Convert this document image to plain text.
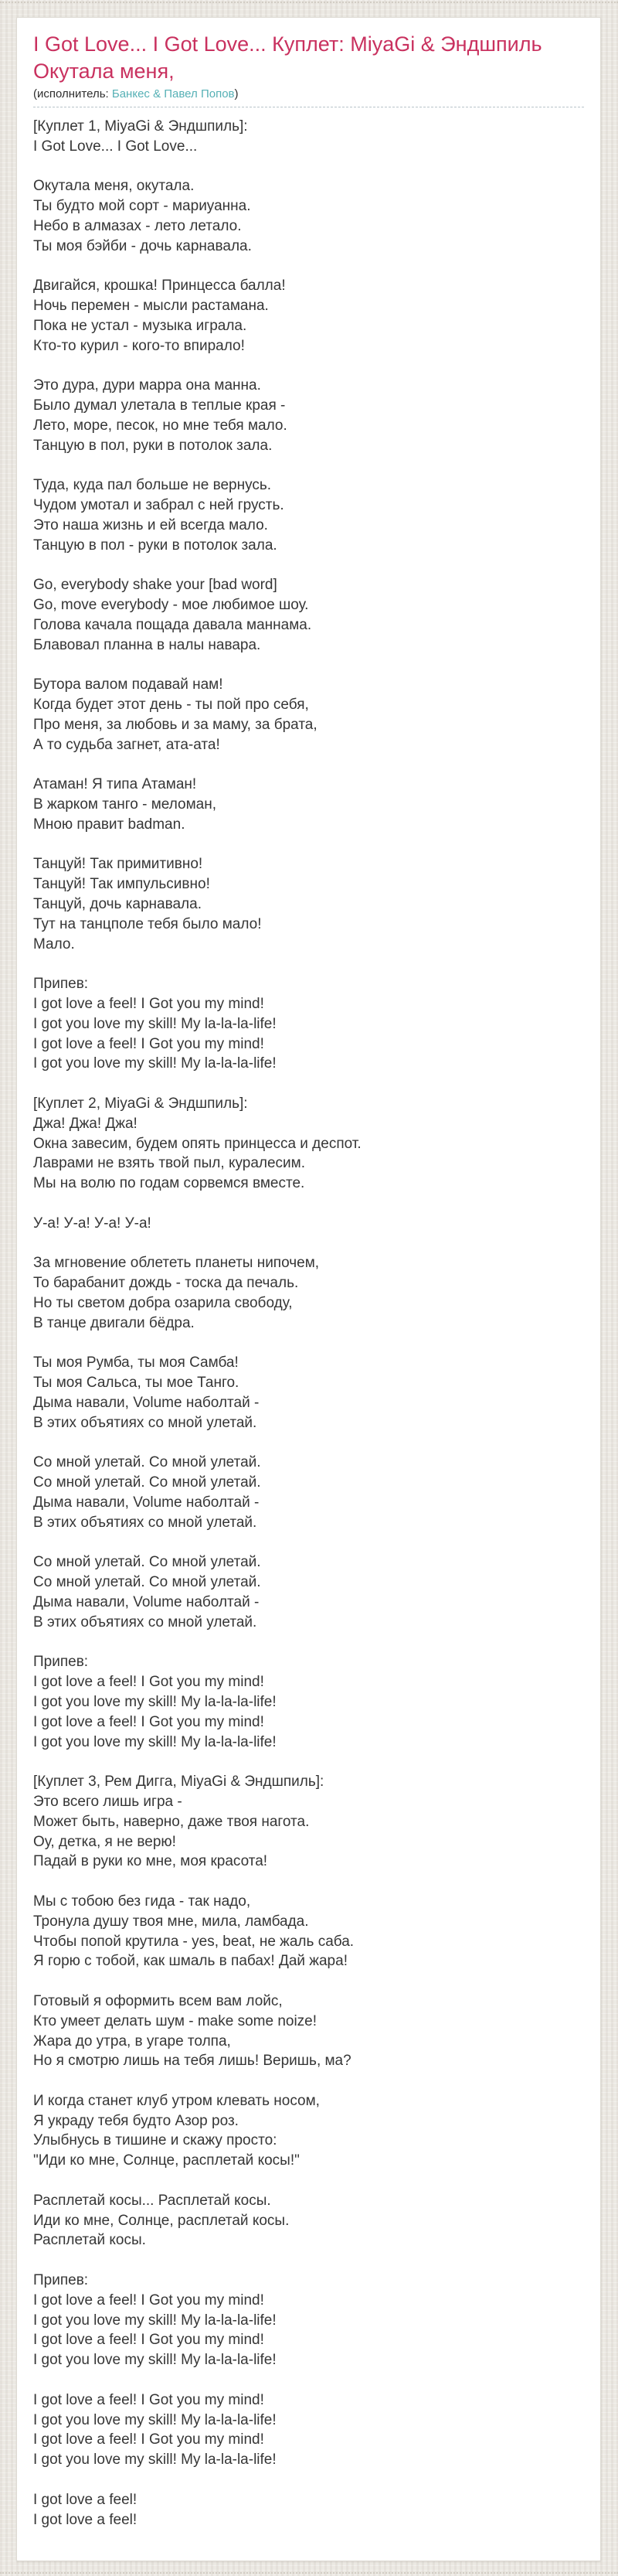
I Got Love... I Got Love... Куплет: MiyaGi & Эндшпиль Окутала меня,
(исполнитель: Банкес & Павел Попов)

[Куплет 1, MiyaGi & Эндшпиль]:
I Got Love... I Got Love...

Окутала меня, окутала.
Ты будто мой сорт - мариуанна.
Небо в алмазах - лето летало.
Ты моя бэйби - дочь карнавала.

Двигайся, крошка! Принцесса балла!
Ночь перемен - мысли растамана.
Пока не устал - музыка играла.
Кто-то курил - кого-то впирало!

Это дура, дури марра она манна.
Было думал улетала в теплые края -
Лето, море, песок, но мне тебя мало.
Танцую в пол, руки в потолок зала.

Туда, куда пал больше не вернусь.
Чудом умотал и забрал с ней грусть.
Это наша жизнь и ей всегда мало.
Танцую в пол - руки в потолок зала.

Go, everybody shake your [bad word]
Go, move everybody - мое любимое шоу.
Голова качала пощада давала маннама.
Блавовал планна в налы навара.

Бутора валом подавай нам!
Когда будет этот день - ты пой про себя,
Про меня, за любовь и за маму, за брата,
А то судьба загнет, ата-ата!

Атаман! Я типа Атаман!
В жарком танго - меломан,
Мною правит badman.

Танцуй! Так примитивно!
Танцуй! Так импульсивно!
Танцуй, дочь карнавала.
Тут на танцполе тебя было мало!
Мало.

Припев:
I got love a feel! I Got you my mind!
I got you love my skill! My la-la-la-life!
I got love a feel! I Got you my mind!
I got you love my skill! My la-la-la-life!

[Куплет 2, MiyaGi & Эндшпиль]:
Джа! Джа! Джа!
Окна завесим, будем опять принцесса и деспот.
Лаврами не взять твой пыл, куралесим.
Мы на волю по годам сорвемся вместе.

У-а! У-а! У-а! У-а!

За мгновение облететь планеты нипочем,
То барабанит дождь - тоска да печаль.
Но ты светом добра озарила свободу,
В танце двигали бёдра.

Ты моя Румба, ты моя Самба!
Ты моя Сальса, ты мое Танго.
Дыма навали, Volume наболтай -
В этих объятиях со мной улетай.

Со мной улетай. Со мной улетай.
Со мной улетай. Со мной улетай.
Дыма навали, Volume наболтай -
В этих объятиях со мной улетай.

Со мной улетай. Со мной улетай.
Со мной улетай. Со мной улетай.
Дыма навали, Volume наболтай -
В этих объятиях со мной улетай.

Припев:
I got love a feel! I Got you my mind!
I got you love my skill! My la-la-la-life!
I got love a feel! I Got you my mind!
I got you love my skill! My la-la-la-life!

[Куплет 3, Рем Дигга, MiyaGi & Эндшпиль]:
Это всего лишь игра -
Может быть, наверно, даже твоя нагота.
Оу, детка, я не верю!
Падай в руки ко мне, моя красота!

Мы с тобою без гида - так надо,
Тронула душу твоя мне, мила, ламбада.
Чтобы попой крутила - yes, beat, не жаль саба.
Я горю с тобой, как шмаль в пабах! Дай жара!

Готовый я оформить всем вам лойс,
Кто умеет делать шум - make some noize!
Жара до утра, в угаре толпа,
Но я смотрю лишь на тебя лишь! Веришь, ма?

И когда станет клуб утром клевать носом,
Я украду тебя будто Азор роз.
Улыбнусь в тишине и скажу просто:
"Иди ко мне, Солнце, расплетай косы!"

Расплетай косы... Расплетай косы.
Иди ко мне, Солнце, расплетай косы.
Расплетай косы.

Припев:
I got love a feel! I Got you my mind!
I got you love my skill! My la-la-la-life!
I got love a feel! I Got you my mind!
I got you love my skill! My la-la-la-life!

I got love a feel! I Got you my mind!
I got you love my skill! My la-la-la-life!
I got love a feel! I Got you my mind!
I got you love my skill! My la-la-la-life!

I got love a feel!
I got love a feel!
